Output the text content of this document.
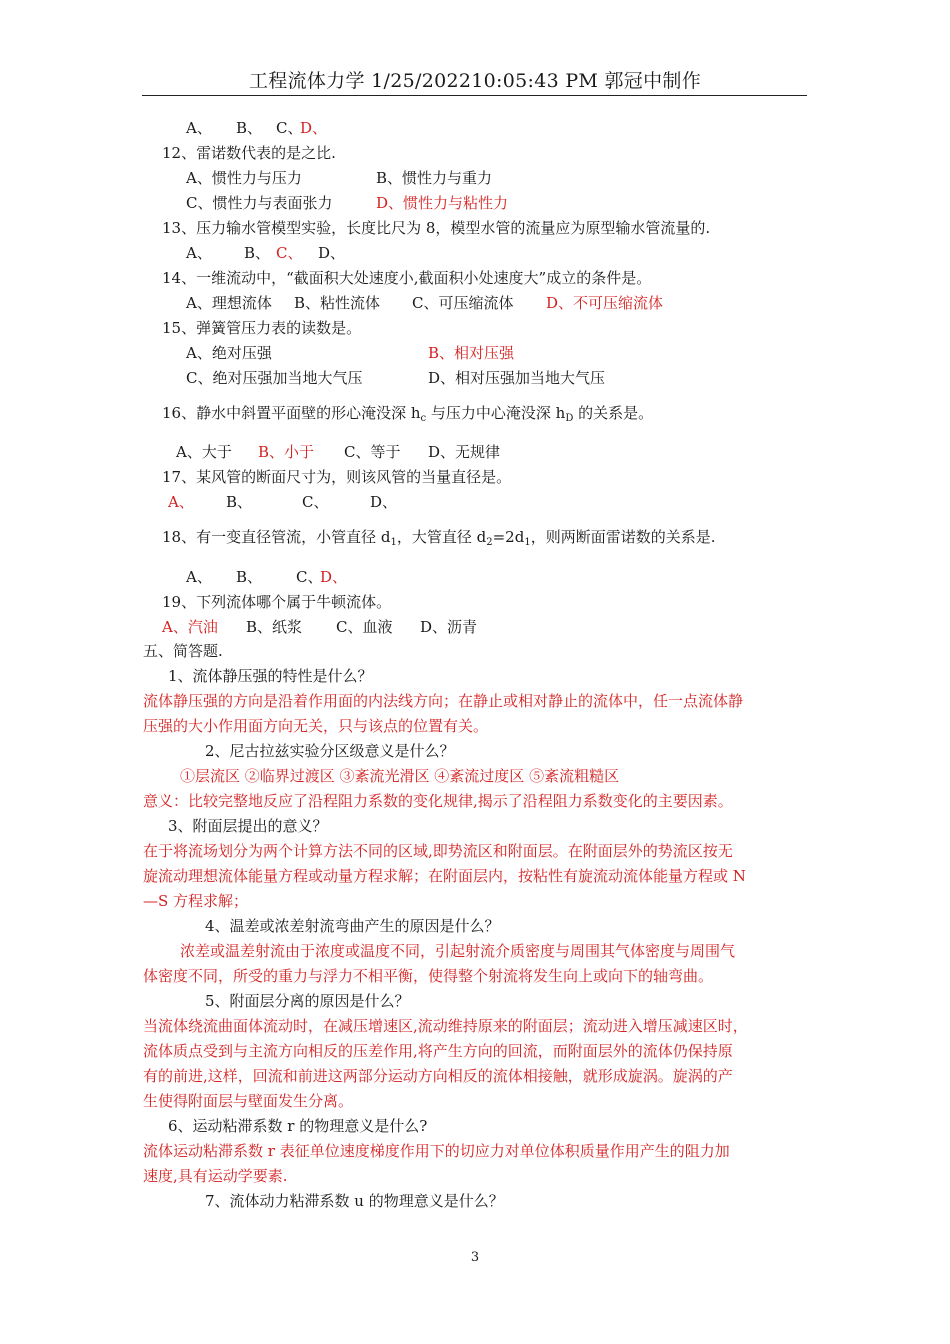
工程流体力学 1/25/202210:05:43 PM 郭冠中制作
A、 B、 C、
D、
12、雷诺数代表的是之比.
A、惯性力与压力	B、惯性力与重力
C、惯性力与表面张力	D、惯性力与粘性力
13、压力输水管模型实验，长度比尺为 8，模型水管的流量应为原型输水管流量的.
A、 B、 C、 D、
14、一维流动中，“截面积大处速度小,截面积小处速度大”成立的条件是。
A、理想流体 B、粘性流体 C、可压缩流体 D、不可压缩流体
15、弹簧管压力表的读数是。
A、绝对压强	B、相对压强
C、绝对压强加当地大气压	D、相对压强加当地大气压
16、静水中斜置平面壁的形心淹没深 $h_c$ 与压力中心淹没深 $h_D$ 的关系是。
A、大于 B、小于 C、等于 D、无规律
17、某风管的断面尺寸为，则该风管的当量直径是。
A、 B、	C、	D、
18、有一变直径管流，小管直径 $d_1$，大管直径 $d_2=2d_1$，则两断面雷诺数的关系是.
A、 B、 C、
D、
19、下列流体哪个属于牛顿流体。
A、汽油 B、纸浆 C、血液 D、沥青
五、简答题.
1、流体静压强的特性是什么？
流体静压强的方向是沿着作用面的内法线方向；在静止或相对静止的流体中，任一点流体静
压强的大小作用面方向无关，只与该点的位置有关。
2、尼古拉兹实验分区级意义是什么？
①层流区 ②临界过渡区 ③紊流光滑区 ④紊流过度区 ⑤紊流粗糙区
意义：比较完整地反应了沿程阻力系数的变化规律,揭示了沿程阻力系数变化的主要因素。
3、附面层提出的意义？
在于将流场划分为两个计算方法不同的区域,即势流区和附面层。在附面层外的势流区按无
旋流动理想流体能量方程或动量方程求解；在附面层内，按粘性有旋流动流体能量方程或 N
—S 方程求解；
4、温差或浓差射流弯曲产生的原因是什么？
浓差或温差射流由于浓度或温度不同，引起射流介质密度与周围其气体密度与周围气
体密度不同，所受的重力与浮力不相平衡，使得整个射流将发生向上或向下的轴弯曲。
5、附面层分离的原因是什么？
当流体绕流曲面体流动时，在减压增速区,流动维持原来的附面层；流动进入增压减速区时，
流体质点受到与主流方向相反的压差作用,将产生方向的回流，而附面层外的流体仍保持原
有的前进,这样，回流和前进这两部分运动方向相反的流体相接触，就形成旋涡。旋涡的产
生使得附面层与壁面发生分离。
6、运动粘滞系数 r 的物理意义是什么?
流体运动粘滞系数 r 表征单位速度梯度作用下的切应力对单位体积质量作用产生的阻力加
速度,具有运动学要素.
7、流体动力粘滞系数 u 的物理意义是什么？
3
